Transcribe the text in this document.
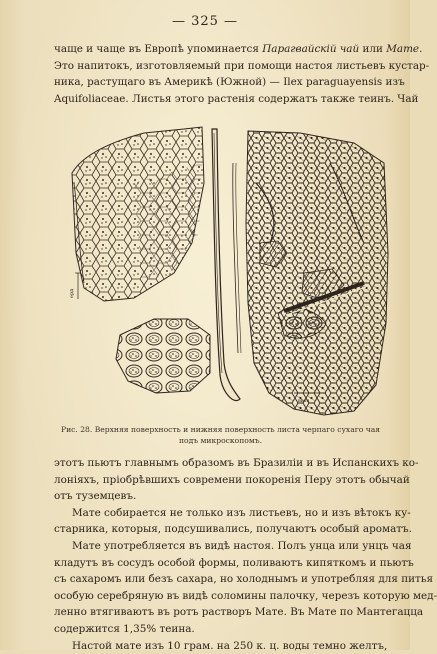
— 325 —
чаще и чаще въ Европѣ упоминается Парагвайскій чай или Мате.
Это напитокъ, изготовляемый при помощи настоя листьевъ кустар-
ника, растущаго въ Америкѣ (Южной) — Ilex paraguayensis изъ
Aquifoliaceae. Листья этого растенія содержатъ также теинъ. Чай
ерд
ввsu
Рис. 28. Верхняя поверхность и нижняя поверхность листа черпаго сухаго чая
подъ микроскопомъ.
этотъ пьютъ главнымъ образомъ въ Бразиліи и въ Испанскихъ ко-
лоніяхъ, пріобрѣвшихъ современи покоренія Перу этотъ обычай
отъ туземцевъ.
Мате собирается не только изъ листьевъ, но и изъ вѣтокъ ку-
старника, которыя, подсушивались, получаютъ особый ароматъ.
Мате употребляется въ видѣ настоя. Полъ унца или унцъ чая
кладутъ въ сосудъ особой формы, поливаютъ кипяткомъ и пьютъ
съ сахаромъ или безъ сахара, но холоднымъ и употребляя для питья
особую серебряную въ видѣ соломины палочку, черезъ которую мед-
ленно втягиваютъ въ ротъ растворъ Мате. Въ Мате по Мантегацца
содержится 1,35% теина.
Настой мате изъ 10 грам. на 250 к. ц. воды темно желтъ,
